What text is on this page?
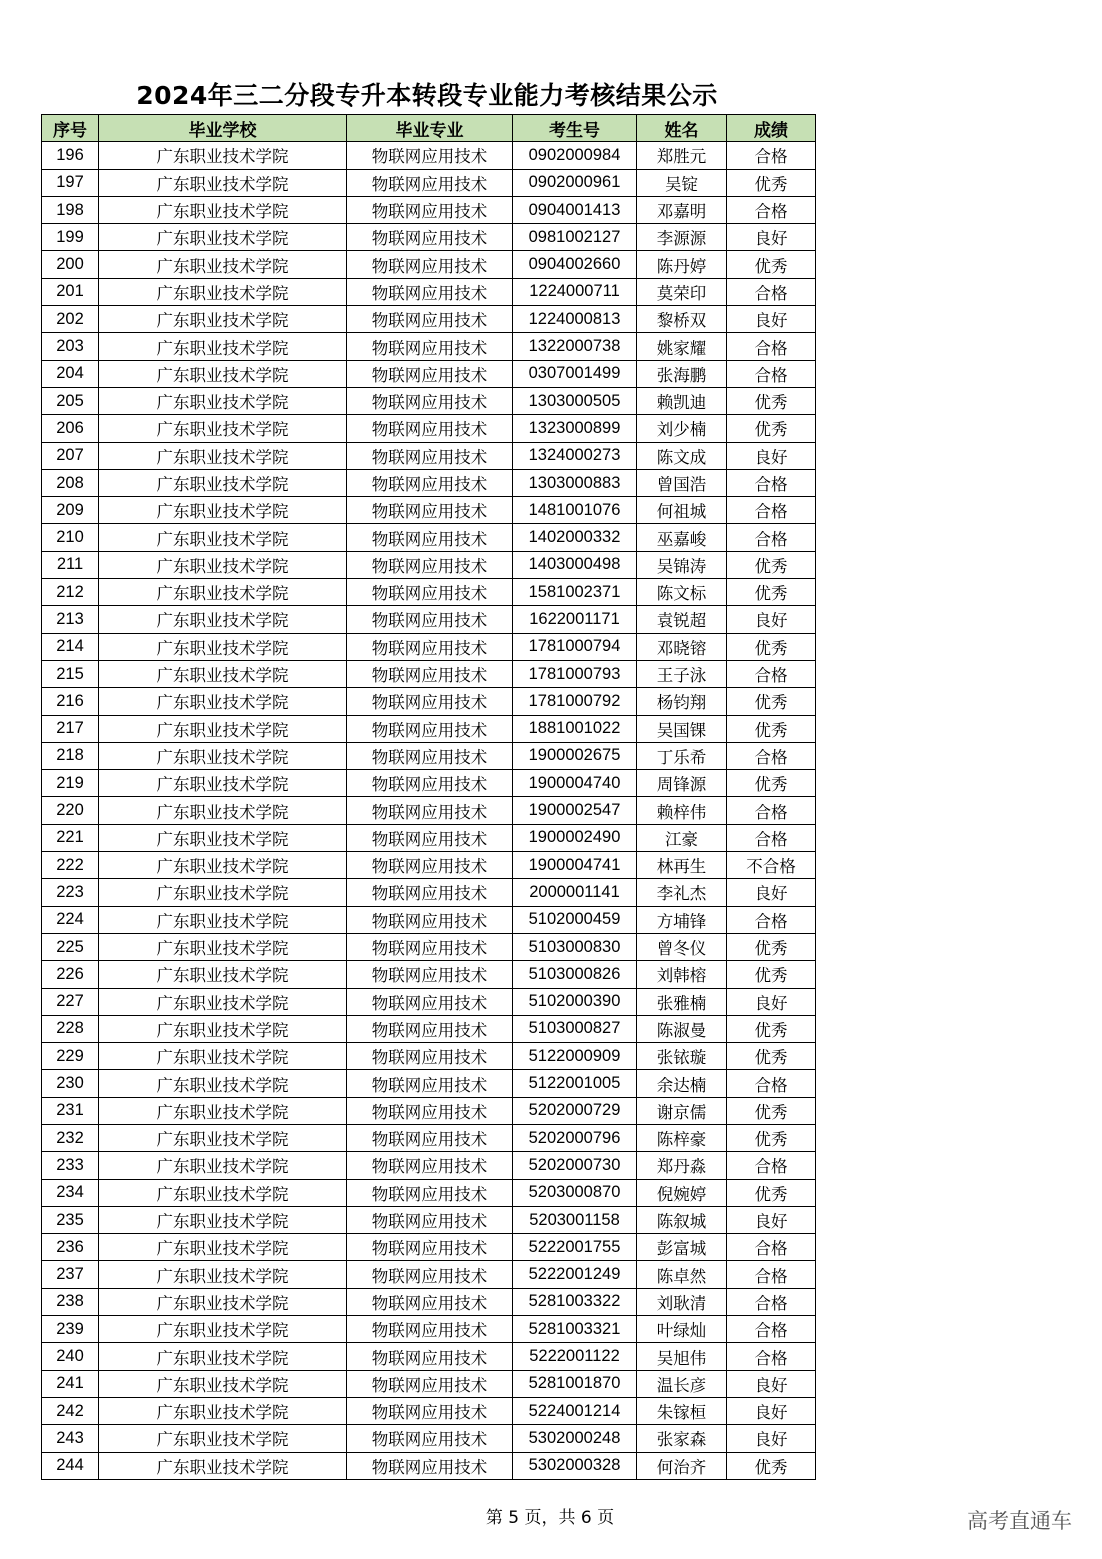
2024年三二分段专升本转段专业能力考核结果公示
序号	毕业学校	毕业专业	考生号	姓名	成绩
196	广东职业技术学院	物联网应用技术	0902000984	郑胜元	合格
197	广东职业技术学院	物联网应用技术	0902000961	吴锭	优秀
198	广东职业技术学院	物联网应用技术	0904001413	邓嘉明	合格
199	广东职业技术学院	物联网应用技术	0981002127	李源源	良好
200	广东职业技术学院	物联网应用技术	0904002660	陈丹婷	优秀
201	广东职业技术学院	物联网应用技术	1224000711	莫荣印	合格
202	广东职业技术学院	物联网应用技术	1224000813	黎桥双	良好
203	广东职业技术学院	物联网应用技术	1322000738	姚家耀	合格
204	广东职业技术学院	物联网应用技术	0307001499	张海鹏	合格
205	广东职业技术学院	物联网应用技术	1303000505	赖凯迪	优秀
206	广东职业技术学院	物联网应用技术	1323000899	刘少楠	优秀
207	广东职业技术学院	物联网应用技术	1324000273	陈文成	良好
208	广东职业技术学院	物联网应用技术	1303000883	曾国浩	合格
209	广东职业技术学院	物联网应用技术	1481001076	何祖城	合格
210	广东职业技术学院	物联网应用技术	1402000332	巫嘉峻	合格
211	广东职业技术学院	物联网应用技术	1403000498	吴锦涛	优秀
212	广东职业技术学院	物联网应用技术	1581002371	陈文标	优秀
213	广东职业技术学院	物联网应用技术	1622001171	袁锐超	良好
214	广东职业技术学院	物联网应用技术	1781000794	邓晓镕	优秀
215	广东职业技术学院	物联网应用技术	1781000793	王子泳	合格
216	广东职业技术学院	物联网应用技术	1781000792	杨钧翔	优秀
217	广东职业技术学院	物联网应用技术	1881001022	吴国锞	优秀
218	广东职业技术学院	物联网应用技术	1900002675	丁乐希	合格
219	广东职业技术学院	物联网应用技术	1900004740	周锋源	优秀
220	广东职业技术学院	物联网应用技术	1900002547	赖梓伟	合格
221	广东职业技术学院	物联网应用技术	1900002490	江豪	合格
222	广东职业技术学院	物联网应用技术	1900004741	林再生	不合格
223	广东职业技术学院	物联网应用技术	2000001141	李礼杰	良好
224	广东职业技术学院	物联网应用技术	5102000459	方埔锋	合格
225	广东职业技术学院	物联网应用技术	5103000830	曾冬仪	优秀
226	广东职业技术学院	物联网应用技术	5103000826	刘韩榕	优秀
227	广东职业技术学院	物联网应用技术	5102000390	张雅楠	良好
228	广东职业技术学院	物联网应用技术	5103000827	陈淑曼	优秀
229	广东职业技术学院	物联网应用技术	5122000909	张铱璇	优秀
230	广东职业技术学院	物联网应用技术	5122001005	余达楠	合格
231	广东职业技术学院	物联网应用技术	5202000729	谢京儒	优秀
232	广东职业技术学院	物联网应用技术	5202000796	陈梓豪	优秀
233	广东职业技术学院	物联网应用技术	5202000730	郑丹淼	合格
234	广东职业技术学院	物联网应用技术	5203000870	倪婉婷	优秀
235	广东职业技术学院	物联网应用技术	5203001158	陈叙城	良好
236	广东职业技术学院	物联网应用技术	5222001755	彭富城	合格
237	广东职业技术学院	物联网应用技术	5222001249	陈卓然	合格
238	广东职业技术学院	物联网应用技术	5281003322	刘耿清	合格
239	广东职业技术学院	物联网应用技术	5281003321	叶绿灿	合格
240	广东职业技术学院	物联网应用技术	5222001122	吴旭伟	合格
241	广东职业技术学院	物联网应用技术	5281001870	温长彦	良好
242	广东职业技术学院	物联网应用技术	5224001214	朱镓桓	良好
243	广东职业技术学院	物联网应用技术	5302000248	张家森	良好
244	广东职业技术学院	物联网应用技术	5302000328	何治齐	优秀
第 5 页，共 6 页	高考直通车
